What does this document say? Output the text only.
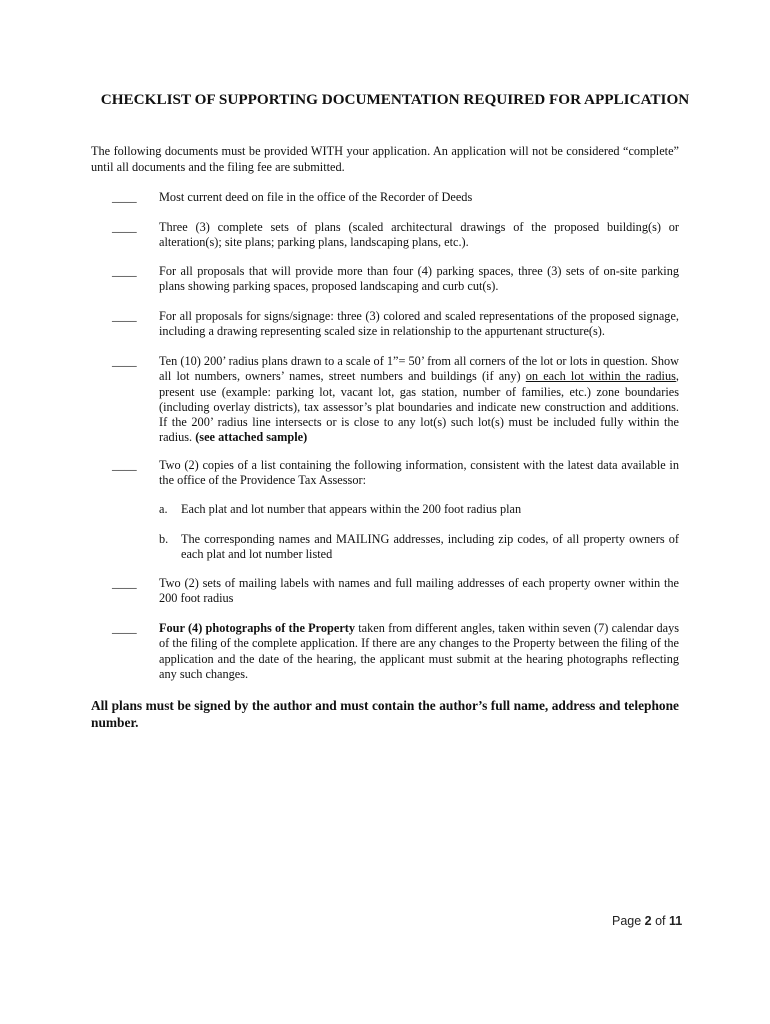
CHECKLIST OF SUPPORTING DOCUMENTATION REQUIRED FOR APPLICATION

The following documents must be provided WITH your application. An application will not be considered “complete” until all documents and the filing fee are submitted.

____ Most current deed on file in the office of the Recorder of Deeds
____ Three (3) complete sets of plans (scaled architectural drawings of the proposed building(s) or alteration(s); site plans; parking plans, landscaping plans, etc.).
____ For all proposals that will provide more than four (4) parking spaces, three (3) sets of on-site parking plans showing parking spaces, proposed landscaping and curb cut(s).
____ For all proposals for signs/signage: three (3) colored and scaled representations of the proposed signage, including a drawing representing scaled size in relationship to the appurtenant structure(s).
____ Ten (10) 200’ radius plans drawn to a scale of 1”= 50’ from all corners of the lot or lots in question. Show all lot numbers, owners’ names, street numbers and buildings (if any) on each lot within the radius, present use (example: parking lot, vacant lot, gas station, number of families, etc.) zone boundaries (including overlay districts), tax assessor’s plat boundaries and indicate new construction and additions. If the 200’ radius line intersects or is close to any lot(s) such lot(s) must be included fully within the radius. (see attached sample)
____ Two (2) copies of a list containing the following information, consistent with the latest data available in the office of the Providence Tax Assessor:
a. Each plat and lot number that appears within the 200 foot radius plan
b. The corresponding names and MAILING addresses, including zip codes, of all property owners of each plat and lot number listed
____ Two (2) sets of mailing labels with names and full mailing addresses of each property owner within the 200 foot radius
____ Four (4) photographs of the Property taken from different angles, taken within seven (7) calendar days of the filing of the complete application. If there are any changes to the Property between the filing of the application and the date of the hearing, the applicant must submit at the hearing photographs reflecting any such changes.

All plans must be signed by the author and must contain the author’s full name, address and telephone number.

Page 2 of 11
